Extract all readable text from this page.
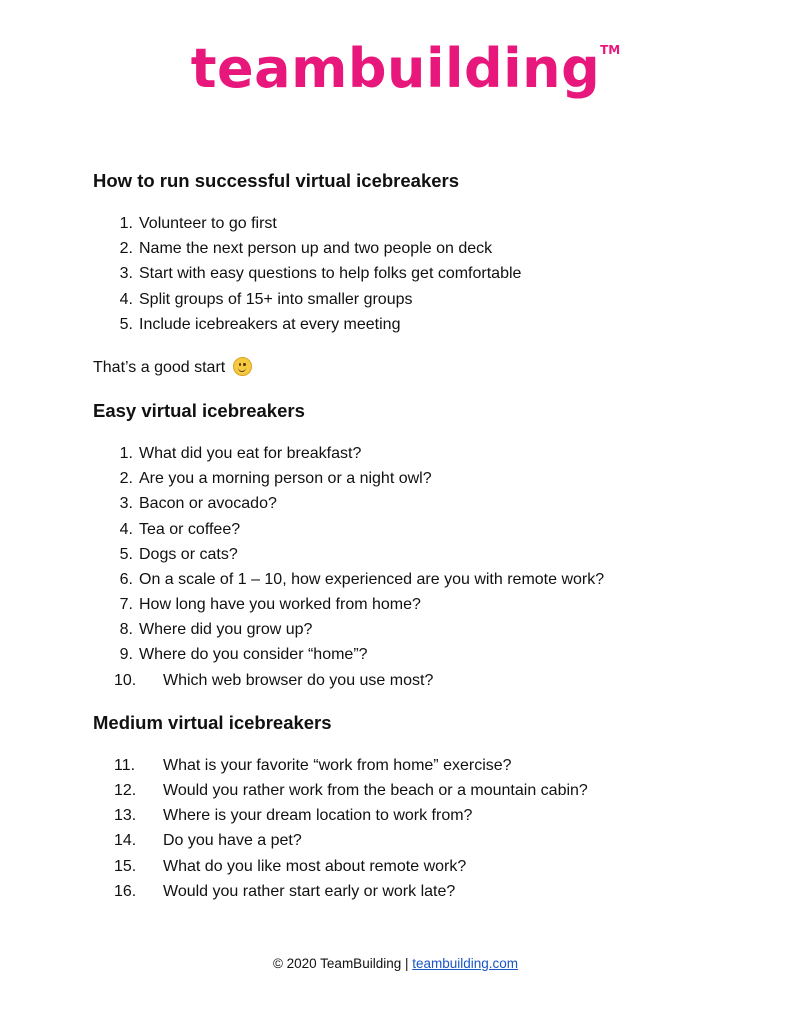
teambuilding TM
How to run successful virtual icebreakers
1. Volunteer to go first
2. Name the next person up and two people on deck
3. Start with easy questions to help folks get comfortable
4. Split groups of 15+ into smaller groups
5. Include icebreakers at every meeting
That’s a good start
Easy virtual icebreakers
1. What did you eat for breakfast?
2. Are you a morning person or a night owl?
3. Bacon or avocado?
4. Tea or coffee?
5. Dogs or cats?
6. On a scale of 1 – 10, how experienced are you with remote work?
7. How long have you worked from home?
8. Where did you grow up?
9. Where do you consider “home”?
10. Which web browser do you use most?
Medium virtual icebreakers
11. What is your favorite “work from home” exercise?
12. Would you rather work from the beach or a mountain cabin?
13. Where is your dream location to work from?
14. Do you have a pet?
15. What do you like most about remote work?
16. Would you rather start early or work late?
© 2020 TeamBuilding | teambuilding.com
